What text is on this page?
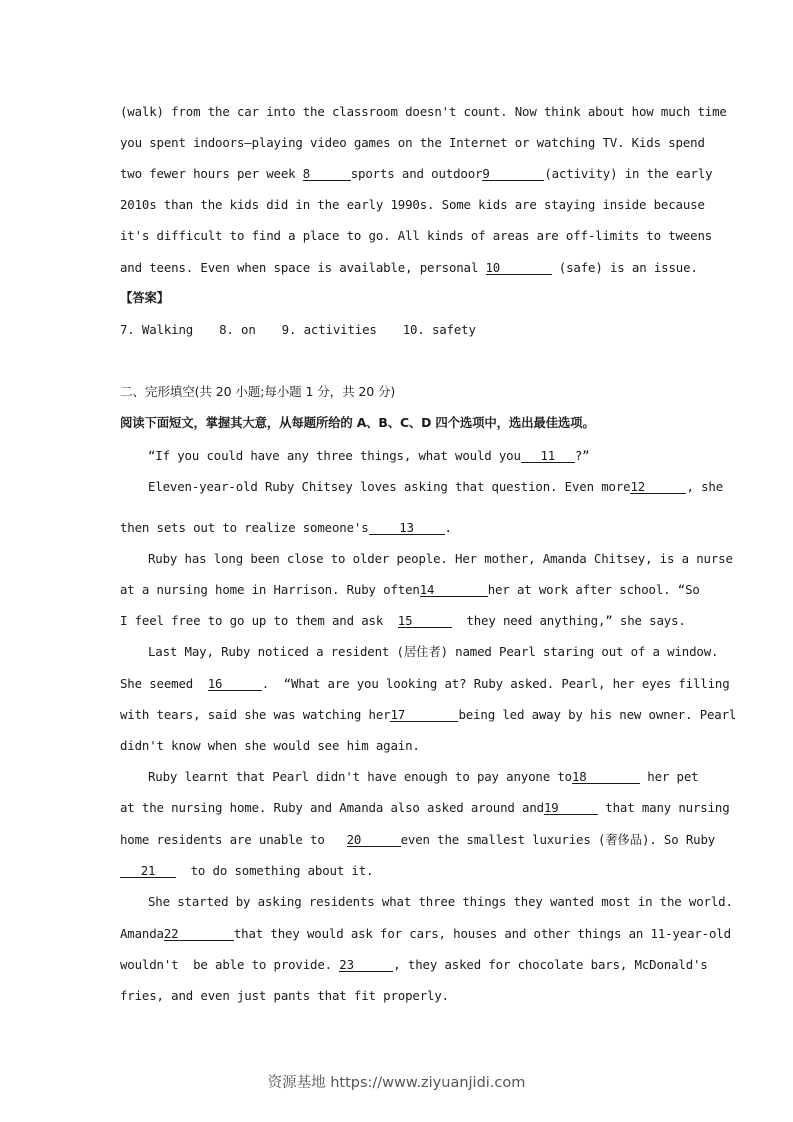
(walk) from the car into the classroom doesn't count. Now think about how much time
you spent indoors—playing video games on the Internet or watching TV. Kids spend
two fewer hours per week 8	sports and outdoor9	(activity) in the early
2010s than the kids did in the early 1990s. Some kids are staying inside because
it's difficult to find a place to go. All kinds of areas are off-limits to tweens
and teens. Even when space is available, personal 10	(safe) is an issue.
【答案】
7. Walking 8. on 9. activities 10. safety
二、完形填空(共 20 小题;每小题 1 分，共 20 分)
阅读下面短文，掌握其大意，从每题所给的 A、B、C、D 四个选项中，选出最佳选项。
“If you could have any three things, what would you 11 ?”
Eleven-year-old Ruby Chitsey loves asking that question. Even more12	, she
then sets out to realize someone's 13 .
Ruby has long been close to older people. Her mother, Amanda Chitsey, is a nurse
at a nursing home in Harrison. Ruby often14	her at work after school. “So
I feel free to go up to them and ask  15	they need anything,” she says.
Last May, Ruby noticed a resident (居住者) named Pearl staring out of a window.
She seemed  16	.  “What are you looking at? Ruby asked. Pearl, her eyes filling
with tears, said she was watching her17	being led away by his new owner. Pearl
didn't know when she would see him again.
Ruby learnt that Pearl didn't have enough to pay anyone to18	her pet
at the nursing home. Ruby and Amanda also asked around and19	that many nursing
home residents are unable to   20	even the smallest luxuries (奢侈品). So Ruby
21  to do something about it.
She started by asking residents what three things they wanted most in the world.
Amanda22	that they would ask for cars, houses and other things an 11-year-old
wouldn't  be able to provide. 23	, they asked for chocolate bars, McDonald's
fries, and even just pants that fit properly.
资源基地 https://www.ziyuanjidi.com
